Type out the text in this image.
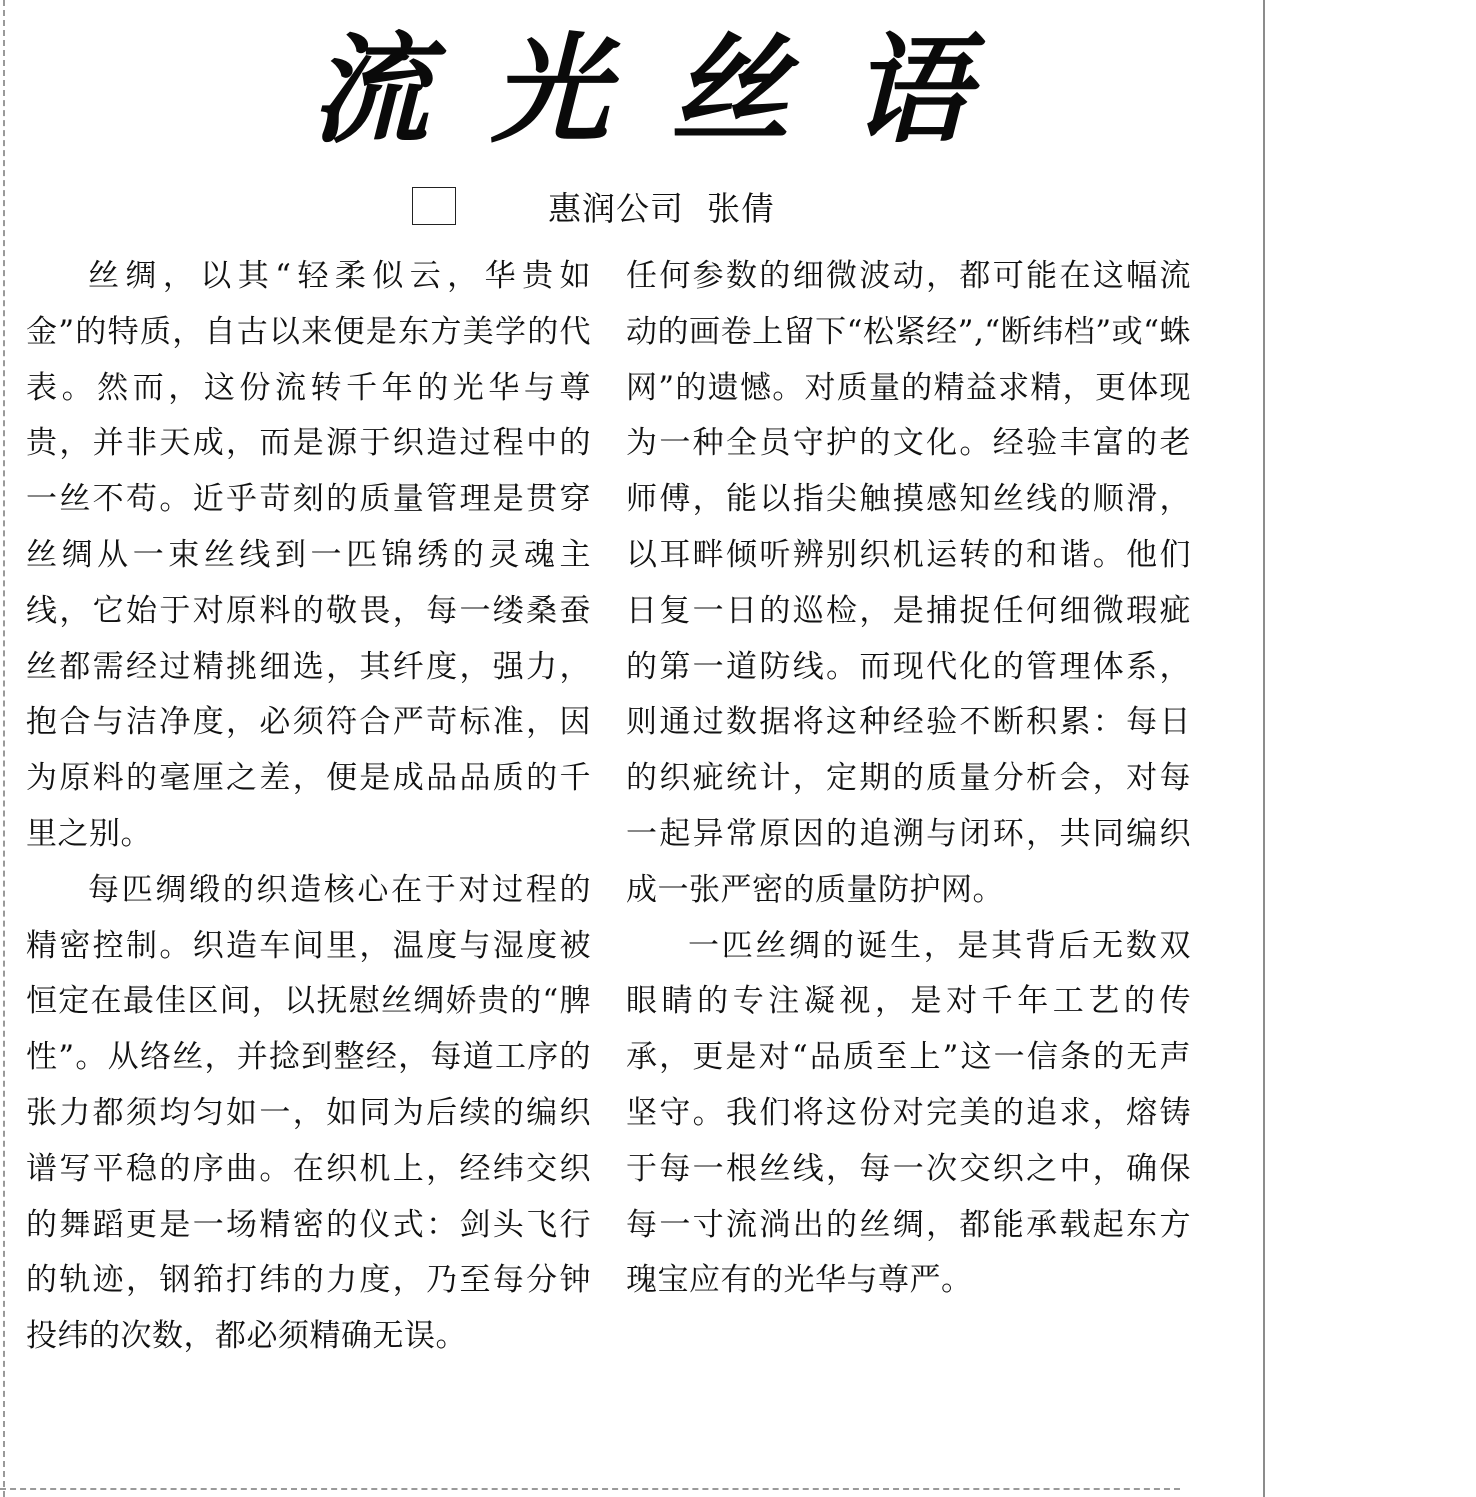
流 光 丝 语
惠润公司  张倩

丝绸，以其“轻柔似云，华贵如金”的特质，自古以来便是东方美学的代表。然而，这份流转千年的光华与尊贵，并非天成，而是源于织造过程中的一丝不苟。近乎苛刻的质量管理是贯穿丝绸从一束丝线到一匹锦绣的灵魂主线，它始于对原料的敬畏，每一缕桑蚕丝都需经过精挑细选，其纤度，强力，抱合与洁净度，必须符合严苛标准，因为原料的毫厘之差，便是成品品质的千里之别。

每匹绸缎的织造核心在于对过程的精密控制。织造车间里，温度与湿度被恒定在最佳区间，以抚慰丝绸娇贵的“脾性”。从络丝，并捻到整经，每道工序的张力都须均匀如一，如同为后续的编织谱写平稳的序曲。在织机上，经纬交织的舞蹈更是一场精密的仪式：剑头飞行的轨迹，钢筘打纬的力度，乃至每分钟投纬的次数，都必须精确无误。

任何参数的细微波动，都可能在这幅流动的画卷上留下“松紧经”,“断纬档”或“蛛网”的遗憾。对质量的精益求精，更体现为一种全员守护的文化。经验丰富的老师傅，能以指尖触摸感知丝线的顺滑，以耳畔倾听辨别织机运转的和谐。他们日复一日的巡检，是捕捉任何细微瑕疵的第一道防线。而现代化的管理体系，则通过数据将这种经验不断积累：每日的织疵统计，定期的质量分析会，对每一起异常原因的追溯与闭环，共同编织成一张严密的质量防护网。

一匹丝绸的诞生，是其背后无数双眼睛的专注凝视，是对千年工艺的传承，更是对“品质至上”这一信条的无声坚守。我们将这份对完美的追求，熔铸于每一根丝线，每一次交织之中，确保每一寸流淌出的丝绸，都能承载起东方瑰宝应有的光华与尊严。
